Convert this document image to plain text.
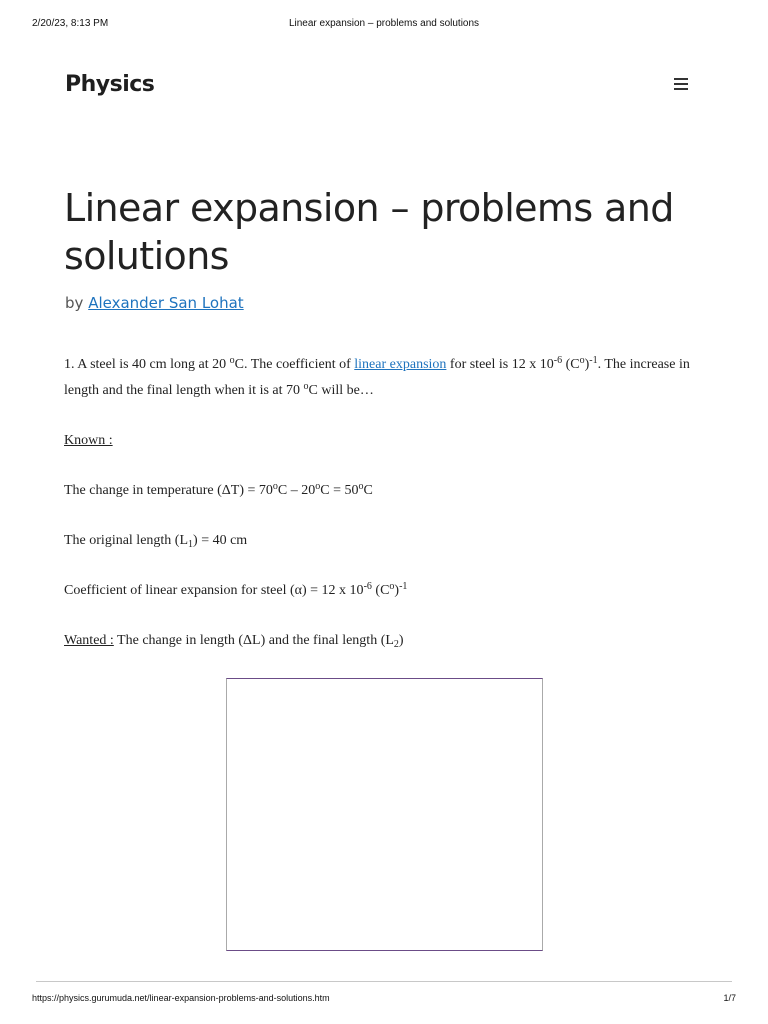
2/20/23, 8:13 PM	Linear expansion – problems and solutions
Physics
Linear expansion – problems and solutions
by Alexander San Lohat

1. A steel is 40 cm long at 20 $^o$C. The coefficient of linear expansion for steel is 12 x $10^{-6}$ $(C^o)^{-1}$. The increase in length and the final length when it is at 70 $^o$C will be…

Known :

The change in temperature $(\Delta T) = 70^oC - 20^oC = 50^oC$

The original length $(L_1) = 40$ cm

Coefficient of linear expansion for steel (α) = 12 x $10^{-6}$ $(C^o)^{-1}$

Wanted : The change in length (ΔL) and the final length $(L_2)$

https://physics.gurumuda.net/linear-expansion-problems-and-solutions.htm	1/7
